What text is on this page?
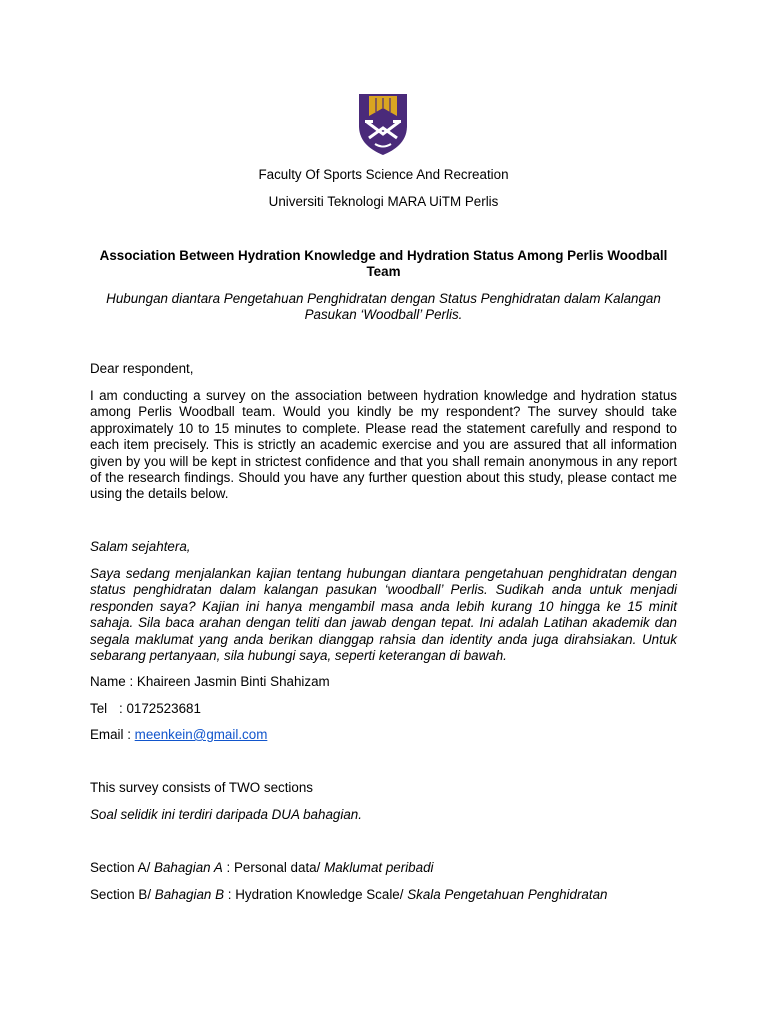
Faculty Of Sports Science And Recreation

Universiti Teknologi MARA UiTM Perlis

Association Between Hydration Knowledge and Hydration Status Among Perlis Woodball Team

Hubungan diantara Pengetahuan Penghidratan dengan Status Penghidratan dalam Kalangan Pasukan ‘Woodball’ Perlis.

Dear respondent,

I am conducting a survey on the association between hydration knowledge and hydration status among Perlis Woodball team. Would you kindly be my respondent? The survey should take approximately 10 to 15 minutes to complete. Please read the statement carefully and respond to each item precisely. This is strictly an academic exercise and you are assured that all information given by you will be kept in strictest confidence and that you shall remain anonymous in any report of the research findings. Should you have any further question about this study, please contact me using the details below.

Salam sejahtera,

Saya sedang menjalankan kajian tentang hubungan diantara pengetahuan penghidratan dengan status penghidratan dalam kalangan pasukan ‘woodball’ Perlis. Sudikah anda untuk menjadi responden saya? Kajian ini hanya mengambil masa anda lebih kurang 10 hingga ke 15 minit sahaja. Sila baca arahan dengan teliti dan jawab dengan tepat. Ini adalah Latihan akademik dan segala maklumat yang anda berikan dianggap rahsia dan identity anda juga dirahsiakan. Untuk sebarang pertanyaan, sila hubungi saya, seperti keterangan di bawah.

Name : Khaireen Jasmin Binti Shahizam

Tel : 0172523681

Email : meenkein@gmail.com

This survey consists of TWO sections

Soal selidik ini terdiri daripada DUA bahagian.

Section A/ Bahagian A : Personal data/ Maklumat peribadi

Section B/ Bahagian B : Hydration Knowledge Scale/ Skala Pengetahuan Penghidratan
